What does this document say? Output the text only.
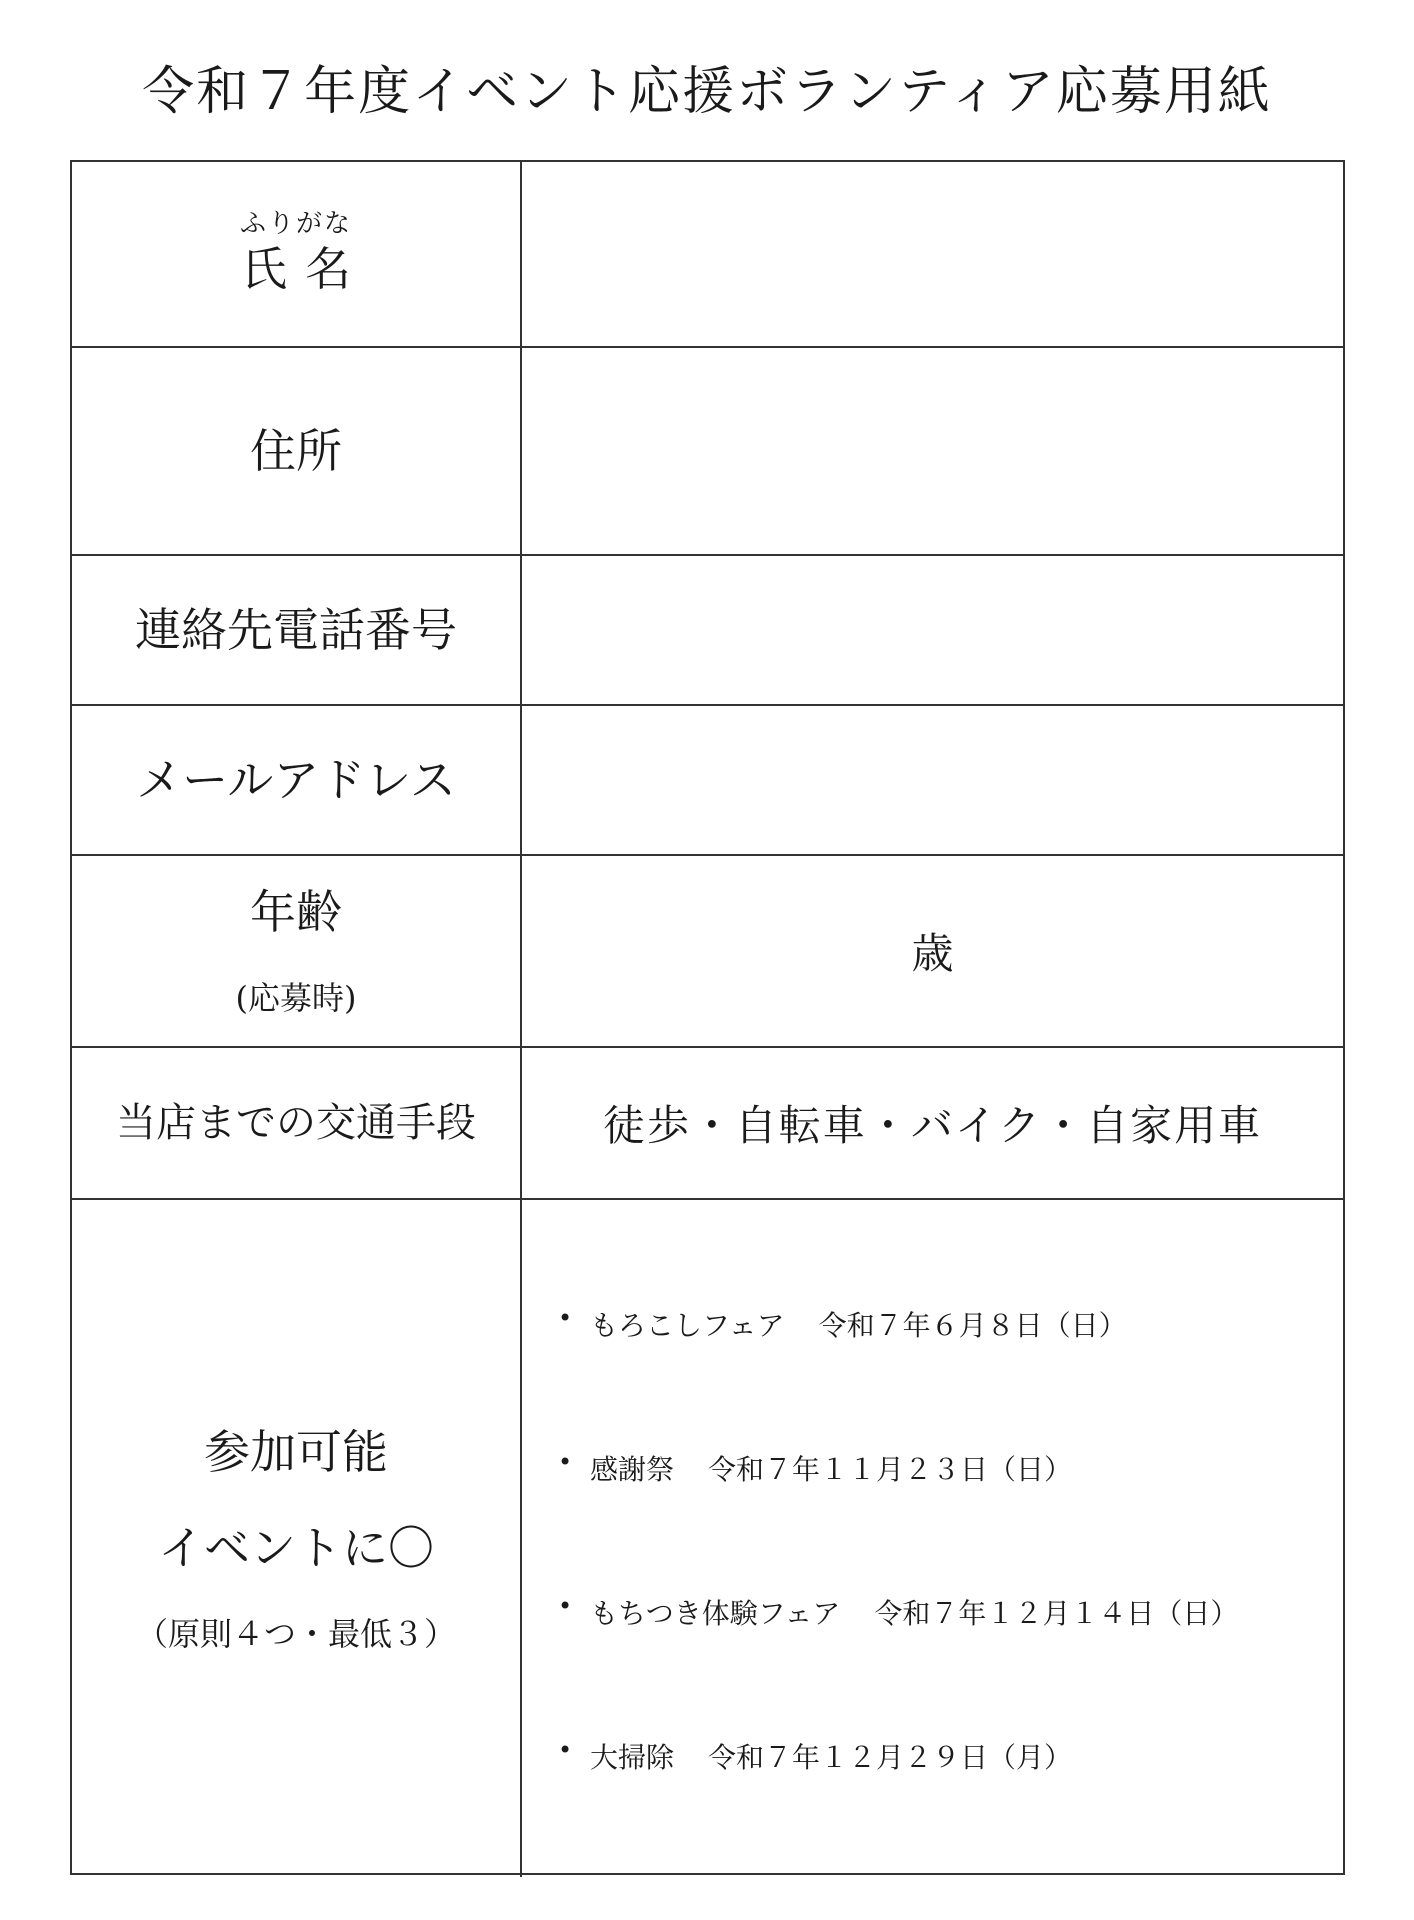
令和７年度イベント応援ボランティア応募用紙
ふりがな
氏名
住所
連絡先電話番号
メールアドレス
年齢
(応募時)
歳
当店までの交通手段	徒歩・自転車・バイク・自家用車
参加可能
イベントに〇
（原則４つ・最低３）
• もろこしフェア 令和７年６月８日（日）
• 感謝祭 令和７年１１月２３日（日）
• もちつき体験フェア 令和７年１２月１４日（日）
• 大掃除 令和７年１２月２９日（月）
